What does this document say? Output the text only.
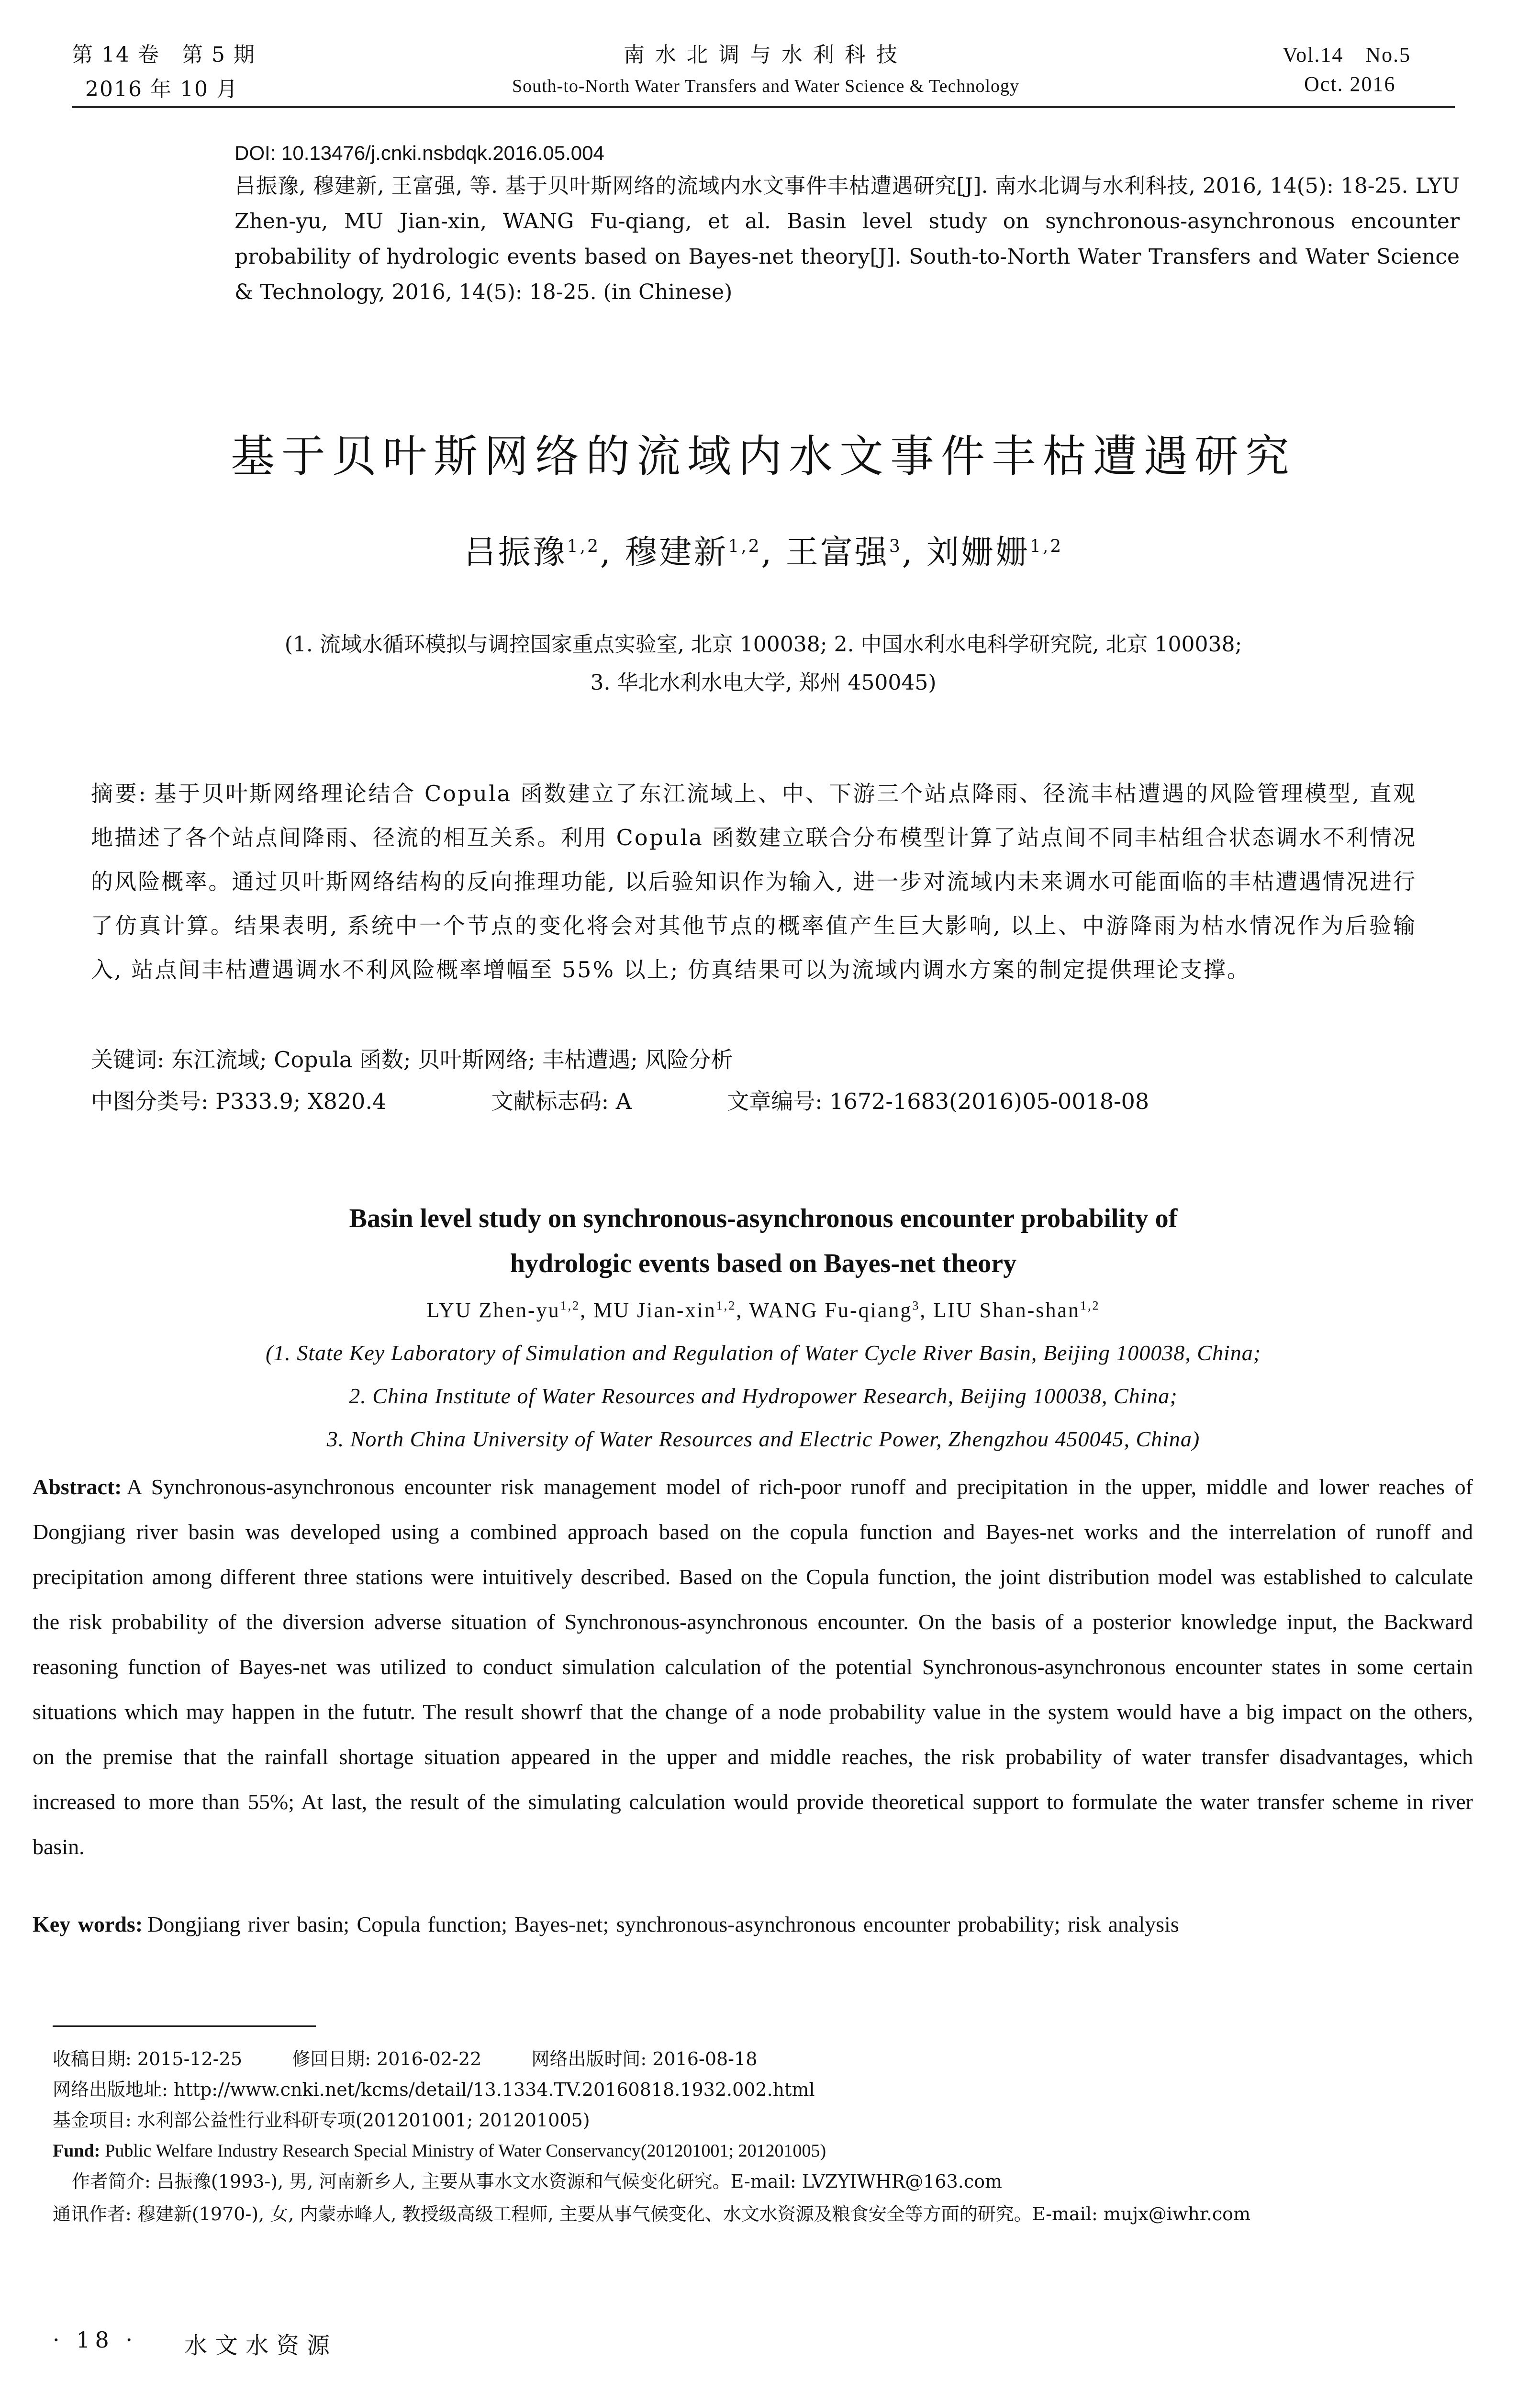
第 14 卷　第 5 期
2016 年 10 月
南水北调与水利科技
South-to-North Water Transfers and Water Science & Technology
Vol.14　No.5
Oct. 2016
DOI: 10.13476/j.cnki.nsbdqk.2016.05.004
吕振豫, 穆建新, 王富强, 等. 基于贝叶斯网络的流域内水文事件丰枯遭遇研究[J]. 南水北调与水利科技, 2016, 14(5): 18-25. LYU Zhen-yu, MU Jian-xin, WANG Fu-qiang, et al. Basin level study on synchronous-asynchronous encounter probability of hydrologic events based on Bayes-net theory[J]. South-to-North Water Transfers and Water Science & Technology, 2016, 14(5): 18-25. (in Chinese)
基于贝叶斯网络的流域内水文事件丰枯遭遇研究
吕振豫$^{1,2}$, 穆建新$^{1,2}$, 王富强$^3$, 刘姗姗$^{1,2}$
(1. 流域水循环模拟与调控国家重点实验室, 北京 100038; 2. 中国水利水电科学研究院, 北京 100038;
3. 华北水利水电大学, 郑州 450045)
摘要: 基于贝叶斯网络理论结合 Copula 函数建立了东江流域上、中、下游三个站点降雨、径流丰枯遭遇的风险管理模型, 直观地描述了各个站点间降雨、径流的相互关系。利用 Copula 函数建立联合分布模型计算了站点间不同丰枯组合状态调水不利情况的风险概率。通过贝叶斯网络结构的反向推理功能, 以后验知识作为输入, 进一步对流域内未来调水可能面临的丰枯遭遇情况进行了仿真计算。结果表明, 系统中一个节点的变化将会对其他节点的概率值产生巨大影响, 以上、中游降雨为枯水情况作为后验输入, 站点间丰枯遭遇调水不利风险概率增幅至 55% 以上; 仿真结果可以为流域内调水方案的制定提供理论支撑。
关键词: 东江流域; Copula 函数; 贝叶斯网络; 丰枯遭遇; 风险分析
中图分类号: P333.9; X820.4	文献标志码: A	文章编号: 1672-1683(2016)05-0018-08
Basin level study on synchronous-asynchronous encounter probability of
hydrologic events based on Bayes-net theory
LYU Zhen-yu$^{1,2}$, MU Jian-xin$^{1,2}$, WANG Fu-qiang$^3$, LIU Shan-shan$^{1,2}$
(1. State Key Laboratory of Simulation and Regulation of Water Cycle River Basin, Beijing 100038, China;
2. China Institute of Water Resources and Hydropower Research, Beijing 100038, China;
3. North China University of Water Resources and Electric Power, Zhengzhou 450045, China)
Abstract: A Synchronous-asynchronous encounter risk management model of rich-poor runoff and precipitation in the upper, middle and lower reaches of Dongjiang river basin was developed using a combined approach based on the copula function and Bayes-net works and the interrelation of runoff and precipitation among different three stations were intuitively described. Based on the Copula function, the joint distribution model was established to calculate the risk probability of the diversion adverse situation of Synchronous-asynchronous encounter. On the basis of a posterior knowledge input, the Backward reasoning function of Bayes-net was utilized to conduct simulation calculation of the potential Synchronous-asynchronous encounter states in some certain situations which may happen in the fututr. The result showrf that the change of a node probability value in the system would have a big impact on the others, on the premise that the rainfall shortage situation appeared in the upper and middle reaches, the risk probability of water transfer disadvantages, which increased to more than 55%; At last, the result of the simulating calculation would provide theoretical support to formulate the water transfer scheme in river basin.
Key words: Dongjiang river basin; Copula function; Bayes-net; synchronous-asynchronous encounter probability; risk analysis
收稿日期: 2015-12-25	修回日期: 2016-02-22	网络出版时间: 2016-08-18
网络出版地址: http://www.cnki.net/kcms/detail/13.1334.TV.20160818.1932.002.html
基金项目: 水利部公益性行业科研专项(201201001; 201201005)
Fund: Public Welfare Industry Research Special Ministry of Water Conservancy(201201001; 201201005)
作者简介: 吕振豫(1993-), 男, 河南新乡人, 主要从事水文水资源和气候变化研究。E-mail: LVZYIWHR@163.com
通讯作者: 穆建新(1970-), 女, 内蒙赤峰人, 教授级高级工程师, 主要从事气候变化、水文水资源及粮食安全等方面的研究。E-mail: mujx@iwhr.com
· 18 · 水文水资源
